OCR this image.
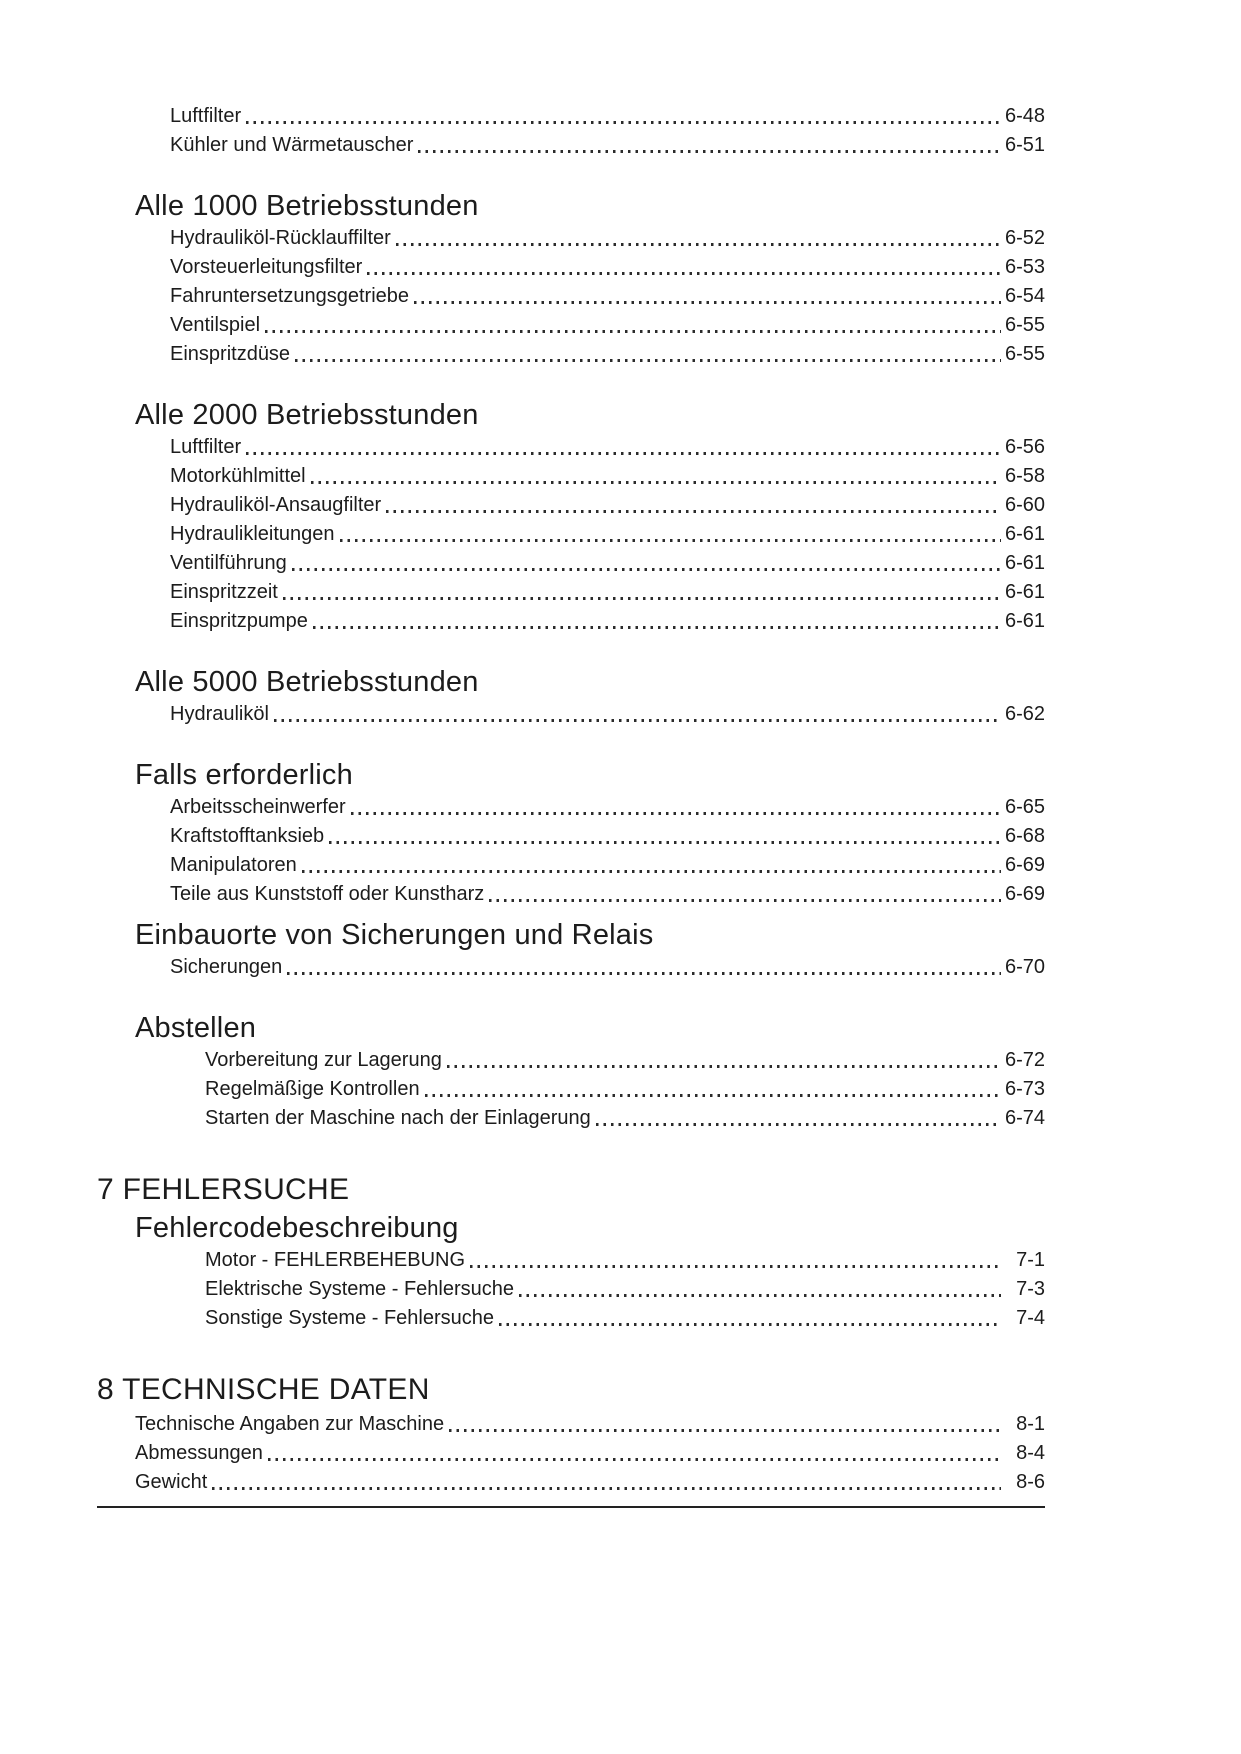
Luftfilter	6-48
Kühler und Wärmetauscher	6-51
Alle 1000 Betriebsstunden
Hydrauliköl-Rücklauffilter	6-52
Vorsteuerleitungsfilter	6-53
Fahruntersetzungsgetriebe	6-54
Ventilspiel	6-55
Einspritzdüse	6-55
Alle 2000 Betriebsstunden
Luftfilter	6-56
Motorkühlmittel	6-58
Hydrauliköl-Ansaugfilter	6-60
Hydraulikleitungen	6-61
Ventilführung	6-61
Einspritzzeit	6-61
Einspritzpumpe	6-61
Alle 5000 Betriebsstunden
Hydrauliköl	6-62
Falls erforderlich
Arbeitsscheinwerfer	6-65
Kraftstofftanksieb	6-68
Manipulatoren	6-69
Teile aus Kunststoff oder Kunstharz	6-69
Einbauorte von Sicherungen und Relais
Sicherungen	6-70
Abstellen
Vorbereitung zur Lagerung	6-72
Regelmäßige Kontrollen	6-73
Starten der Maschine nach der Einlagerung	6-74
7 FEHLERSUCHE
Fehlercodebeschreibung
Motor - FEHLERBEHEBUNG	7-1
Elektrische Systeme - Fehlersuche	7-3
Sonstige Systeme - Fehlersuche	7-4
8 TECHNISCHE DATEN
Technische Angaben zur Maschine	8-1
Abmessungen	8-4
Gewicht	8-6
